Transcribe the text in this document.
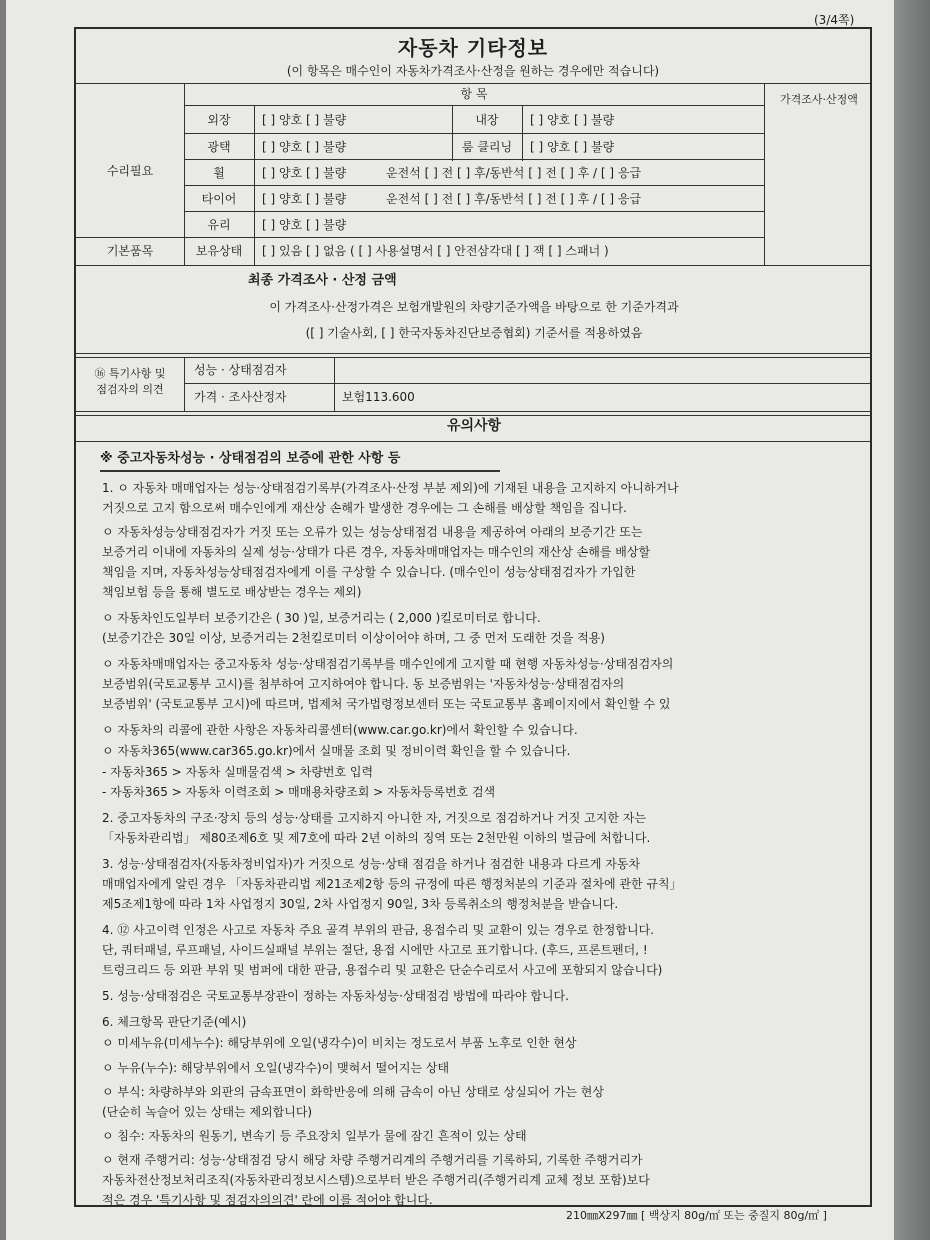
(3/4쪽)
자동차 기타정보
(이 항목은 매수인이 자동차가격조사·산정을 원하는 경우에만 적습니다)
항 목	가격조사·산정액
수리필요
외장	[ ] 양호 [ ] 불량	내장	[ ] 양호 [ ] 불량
광택	[ ] 양호 [ ] 불량	룸 클리닝	[ ] 양호 [ ] 불량
휠	[ ] 양호 [ ] 불량	운전석 [ ] 전 [ ] 후/동반석 [ ] 전 [ ] 후 / [ ] 응급
타이어	[ ] 양호 [ ] 불량	운전석 [ ] 전 [ ] 후/동반석 [ ] 전 [ ] 후 / [ ] 응급
유리	[ ] 양호 [ ] 불량
기본품목	보유상태	[ ] 있음 [ ] 없음 ( [ ] 사용설명서 [ ] 안전삼각대 [ ] 잭 [ ] 스패너 )
최종 가격조사 · 산정 금액
이 가격조사·산정가격은 보험개발원의 차량기준가액을 바탕으로 한 기준가격과
([ ] 기술사회, [ ] 한국자동차진단보증협회) 기준서를 적용하였음
⑯ 특기사항 및
점검자의 의견
성능 · 상태점검자
가격 · 조사산정자	보험113.600
유의사항
※ 중고자동차성능 · 상태점검의 보증에 관한 사항 등
1. ㅇ 자동차 매매업자는 성능·상태점검기록부(가격조사·산정 부분 제외)에 기재된 내용을 고지하지 아니하거나
거짓으로 고지 함으로써 매수인에게 재산상 손해가 발생한 경우에는 그 손해를 배상할 책임을 집니다.
ㅇ 자동차성능상태점검자가 거짓 또는 오류가 있는 성능상태점검 내용을 제공하여 아래의 보증기간 또는
보증거리 이내에 자동차의 실제 성능·상태가 다른 경우, 자동차매매업자는 매수인의 재산상 손해를 배상할
책임을 지며, 자동차성능상태점검자에게 이를 구상할 수 있습니다. (매수인이 성능상태점검자가 가입한
책임보험 등을 통해 별도로 배상받는 경우는 제외)
ㅇ 자동차인도일부터 보증기간은 ( 30 )일, 보증거리는 ( 2,000 )킬로미터로 합니다.
(보증기간은 30일 이상, 보증거리는 2천킬로미터 이상이어야 하며, 그 중 먼저 도래한 것을 적용)
ㅇ 자동차매매업자는 중고자동차 성능·상태점검기록부를 매수인에게 고지할 때 현행 자동차성능·상태점검자의
보증범위(국토교통부 고시)를 첨부하여 고지하여야 합니다. 동 보증범위는 '자동차성능·상태점검자의
보증범위' (국토교통부 고시)에 따르며, 법제처 국가법령정보센터 또는 국토교통부 홈페이지에서 확인할 수 있
ㅇ 자동차의 리콜에 관한 사항은 자동차리콜센터(www.car.go.kr)에서 확인할 수 있습니다.
ㅇ 자동차365(www.car365.go.kr)에서 실매물 조회 및 정비이력 확인을 할 수 있습니다.
- 자동차365 > 자동차 실매물검색 > 차량번호 입력
- 자동차365 > 자동차 이력조회 > 매매용차량조회 > 자동차등록번호 검색
2. 중고자동차의 구조·장치 등의 성능·상태를 고지하지 아니한 자, 거짓으로 점검하거나 거짓 고지한 자는
「자동차관리법」 제80조제6호 및 제7호에 따라 2년 이하의 징역 또는 2천만원 이하의 벌금에 처합니다.
3. 성능·상태점검자(자동차정비업자)가 거짓으로 성능·상태 점검을 하거나 점검한 내용과 다르게 자동차
매매업자에게 알린 경우 「자동차관리법 제21조제2항 등의 규정에 따른 행정처분의 기준과 절차에 관한 규칙」
제5조제1항에 따라 1차 사업정지 30일, 2차 사업정지 90일, 3차 등록취소의 행정처분을 받습니다.
4. ⑫ 사고이력 인정은 사고로 자동차 주요 골격 부위의 판금, 용접수리 및 교환이 있는 경우로 한정합니다.
단, 쿼터패널, 루프패널, 사이드실패널 부위는 절단, 용접 시에만 사고로 표기합니다. (후드, 프론트펜더, !
트렁크리드 등 외판 부위 및 범퍼에 대한 판금, 용접수리 및 교환은 단순수리로서 사고에 포함되지 않습니다)
5. 성능·상태점검은 국토교통부장관이 정하는 자동차성능·상태점검 방법에 따라야 합니다.
6. 체크항목 판단기준(예시)
ㅇ 미세누유(미세누수): 해당부위에 오일(냉각수)이 비치는 정도로서 부품 노후로 인한 현상
ㅇ 누유(누수): 해당부위에서 오일(냉각수)이 맺혀서 떨어지는 상태
ㅇ 부식: 차량하부와 외판의 금속표면이 화학반응에 의해 금속이 아닌 상태로 상실되어 가는 현상
(단순히 녹슬어 있는 상태는 제외합니다)
ㅇ 침수: 자동차의 원동기, 변속기 등 주요장치 일부가 물에 잠긴 흔적이 있는 상태
ㅇ 현재 주행거리: 성능·상태점검 당시 해당 차량 주행거리계의 주행거리를 기록하되, 기록한 주행거리가
자동차전산정보처리조직(자동차관리정보시스템)으로부터 받은 주행거리(주행거리계 교체 정보 포함)보다
적은 경우 '특기사항 및 점검자의의견' 란에 이를 적어야 합니다.
210㎜X297㎜ [ 백상지 80g/㎡ 또는 중질지 80g/㎡ ]
